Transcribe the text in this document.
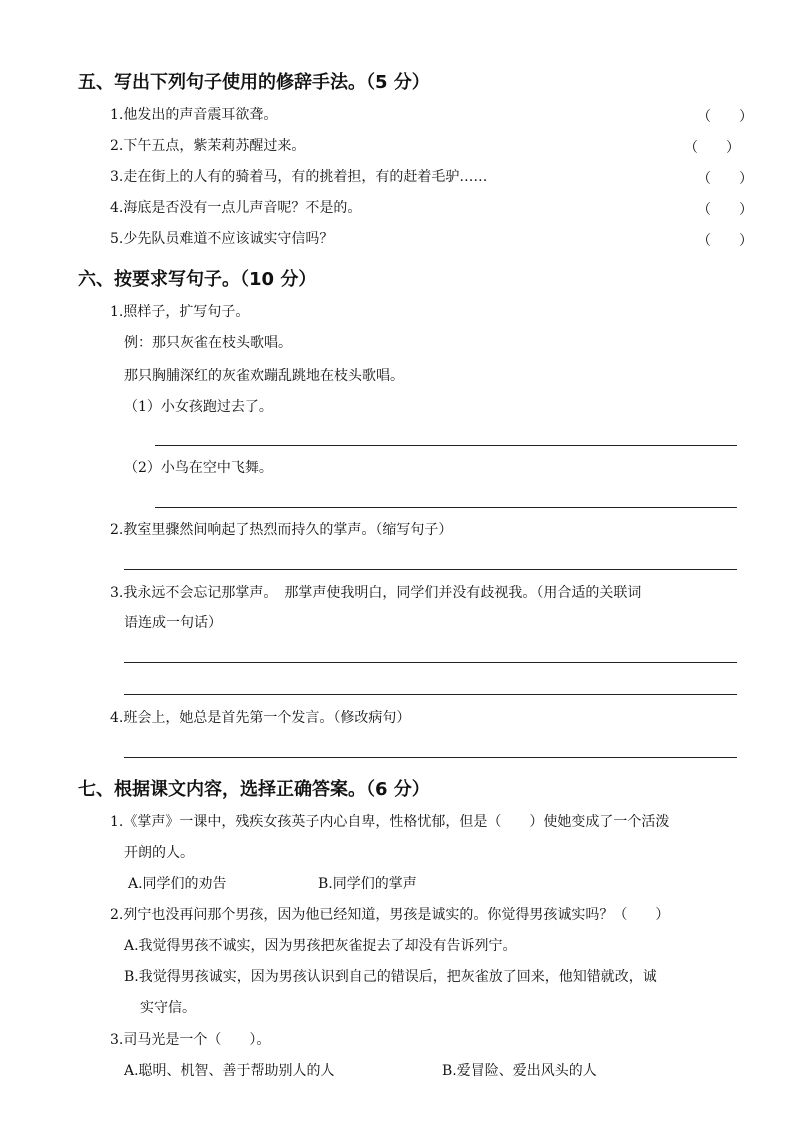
五、写出下列句子使用的修辞手法。（5 分）
1.他发出的声音震耳欲聋。	（　　）
2.下午五点，紫茉莉苏醒过来。	（　　）
3.走在街上的人有的骑着马，有的挑着担，有的赶着毛驴……	（　　）
4.海底是否没有一点儿声音呢？不是的。	（　　）
5.少先队员难道不应该诚实守信吗？	（　　）
六、按要求写句子。（10 分）
1.照样子，扩写句子。
例：那只灰雀在枝头歌唱。
那只胸脯深红的灰雀欢蹦乱跳地在枝头歌唱。
（1）小女孩跑过去了。
（2）小鸟在空中飞舞。
2.教室里骤然间响起了热烈而持久的掌声。（缩写句子）
3.我永远不会忘记那掌声。　那掌声使我明白，同学们并没有歧视我。（用合适的关联词
语连成一句话）
4.班会上，她总是首先第一个发言。（修改病句）
七、根据课文内容，选择正确答案。（6 分）
1.《掌声》一课中，残疾女孩英子内心自卑，性格忧郁，但是（　　）使她变成了一个活泼
开朗的人。
A.同学们的劝告	B.同学们的掌声
2.列宁也没再问那个男孩，因为他已经知道，男孩是诚实的。你觉得男孩诚实吗？（　　）
A.我觉得男孩不诚实，因为男孩把灰雀捉去了却没有告诉列宁。
B.我觉得男孩诚实，因为男孩认识到自己的错误后，把灰雀放了回来，他知错就改，诚
实守信。
3.司马光是一个（　　）。
A.聪明、机智、善于帮助别人的人	B.爱冒险、爱出风头的人
